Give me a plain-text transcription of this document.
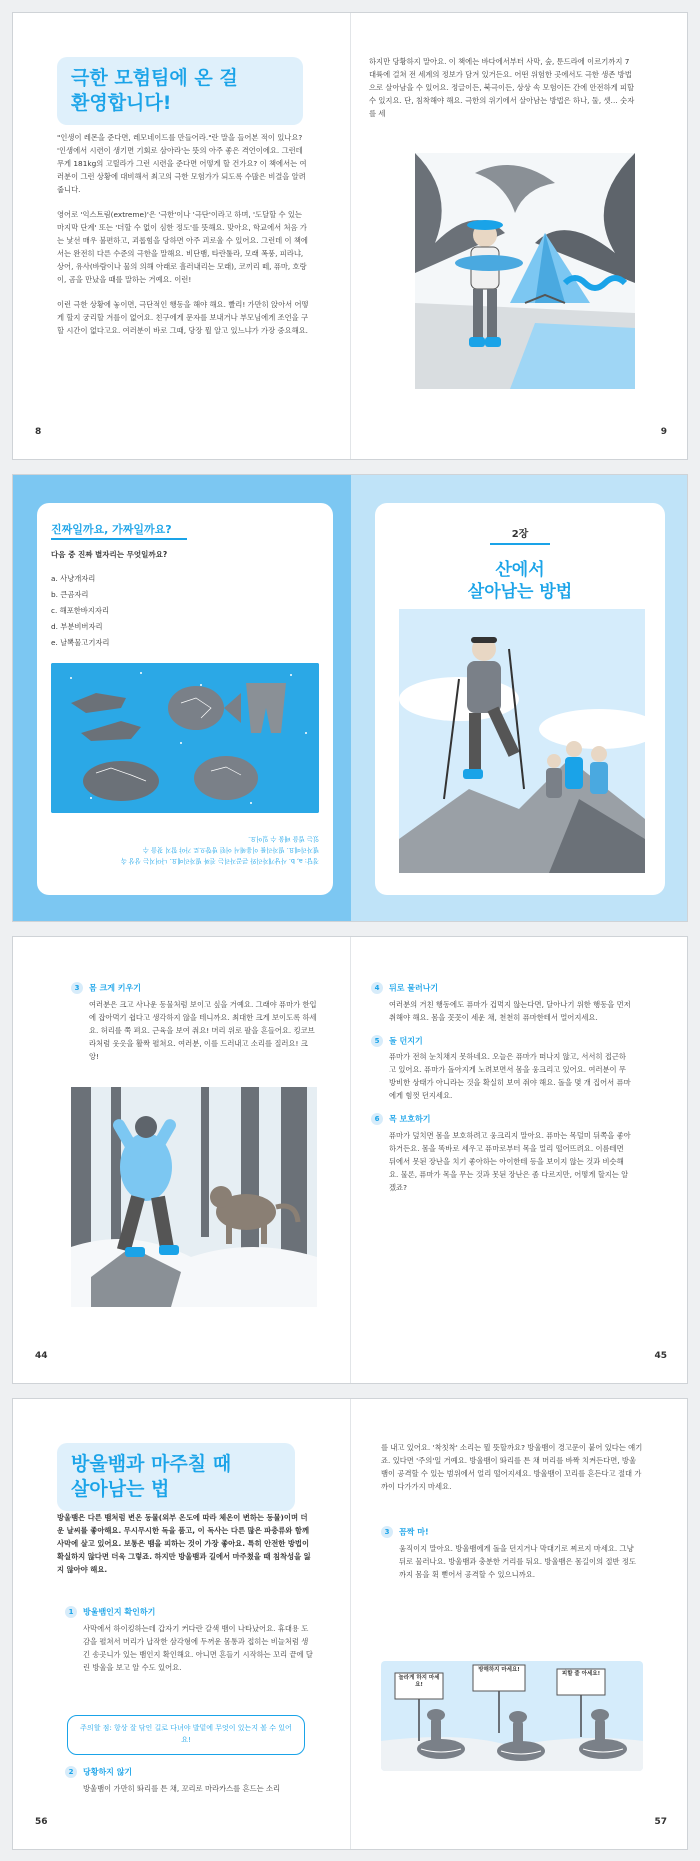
극한 모험팀에 온 걸
환영합니다!

"인생이 레몬을 준다면, 레모네이드를 만들어라."란 말을 들어본 적이 있나요? '인생에서 시련이 생기면 기회로 삼아라'는 뜻의 아주 좋은 격언이에요. 그런데 무게 181kg의 고릴라가 그런 시련을 준다면 어떻게 할 건가요? 이 책에서는 여러분이 그런 상황에 대비해서 최고의 극한 모험가가 되도록 수많은 비결을 알려 줍니다.

영어로 '익스트림(extreme)'은 '극한'이나 '극단'이라고 하며, '도달할 수 있는 마지막 단계' 또는 '더할 수 없이 심한 정도'를 뜻해요. 맞아요, 학교에서 처음 가는 낯선 매우 불편하고, 괴롭힘을 당하면 아주 괴로울 수 있어요. 그런데 이 책에서는 완전히 다른 수준의 극한을 말해요. 비단뱀, 타란툴라, 모래 폭풍, 피라냐, 상어, 유사(바람이나 물의 의해 아래로 흘러내리는 모래), 코끼리 떼, 퓨마, 호랑이, 곰을 만났을 때를 말하는 거예요. 이런!

이런 극한 상황에 놓이면, 극단적인 행동을 해야 해요. 빨리! 가만히 앉아서 어떻게 할지 궁리할 겨를이 없어요. 친구에게 문자를 보내거나 부모님에게 조언을 구할 시간이 없다고요. 여러분이 바로 그때, 당장 뭘 알고 있느냐가 가장 중요해요.

8
하지만 당황하지 말아요. 이 책에는 바다에서부터 사막, 숲, 툰드라에 이르기까지 7대륙에 걸쳐 전 세계의 정보가 담겨 있거든요. 어떤 위험한 곳에서도 극한 생존 방법으로 살아남을 수 있어요. 정글이든, 북극이든, 상상 속 모험이든 간에 안전하게 피할 수 있지요. 단, 침착해야 해요. 극한의 위기에서 살아남는 방법은 하나, 둘, 셋… 숫자를 세
9
진짜일까요, 가짜일까요?
다음 중 진짜 별자리는 무엇일까요?
a. 사냥개자리
b. 큰곰자리
c. 해포한바지자리
d. 부분비버자리
e. 날뽁물고기자리
정답: a, b. 사냥개자리와 큰곰자리는 진짜 별자리예요. 나머지는 상상 속
별자리예요. 별자리를 이용해서 어떤 방향으로 가야 할지 찾을 수
있는 법을 배울 수 있어요.
2장
산에서
살아남는 방법
3 몸 크게 키우기
여러분은 크고 사나운 동물처럼 보이고 싶을 거예요. 그래야 퓨마가 한입에 잡아먹기 쉽다고 생각하지 않을 테니까요. 최대한 크게 보이도록 하세요. 허리를 쭉 펴요. 근육을 보여 줘요! 머리 위로 팔을 흔들어요. 킹코브라처럼 웃옷을 활짝 펼쳐요. 여러분, 이를 드러내고 소리를 질러요! 크앙!
44
4 뒤로 물러나기
여러분의 거친 행동에도 퓨마가 겁먹지 않는다면, 달아나기 위한 행동을 먼저 취해야 해요. 몸을 꼿꼿이 세운 채, 천천히 퓨마한테서 멀어지세요.
5 돌 던지기
퓨마가 전혀 눈치채지 못하네요. 오늘은 퓨마가 떠나지 않고, 서서히 접근하고 있어요. 퓨마가 돌아지게 노려보면서 몸을 웅크리고 있어요. 여러분이 무방비한 상태가 아니라는 것을 확실히 보여 줘야 해요. 돌을 몇 개 집어서 퓨마에게 힘껏 던지세요.
6 목 보호하기
퓨마가 덮치면 몸을 보호하려고 웅크리지 말아요. 퓨마는 목덜미 뒤쪽을 좋아하거든요. 몸을 똑바로 세우고 퓨마로부터 목을 멀리 떨어뜨려요. 이름테면 뒤에서 못된 장난을 치기 좋아하는 아이한테 등을 보이지 않는 것과 비슷해요. 물론, 퓨마가 목을 무는 것과 못된 장난은 좀 다르지만, 어떻게 할지는 알겠죠?
45
방울뱀과 마주칠 때
살아남는 법
방울뱀은 다른 뱀처럼 변온 동물(외부 온도에 따라 체온이 변하는 동물)이며 더운 날씨를 좋아해요. 무시무시한 독을 품고, 이 독사는 다른 많은 파충류와 함께 사막에 살고 있어요. 보통은 뱀을 피하는 것이 가장 좋아요. 특히 안전한 방법이 확실하지 않다면 더욱 그렇죠. 하지만 방울뱀과 길에서 마주쳤을 때 침착성을 잃지 않아야 해요.
1 방울뱀인지 확인하기
사막에서 하이킹하는데 갑자기 커다란 갈색 뱀이 나타났어요. 휴대용 도감을 펼쳐서 머리가 납작한 삼각형에 두꺼운 몸통과 접히는 비늘처럼 생긴 송곳니가 있는 뱀인지 확인해요. 아니면 흔들기 시작하는 꼬리 끝에 달린 방울을 보고 알 수도 있어요.
주의할 점: 항상 잘 닦인 길로 다녀야 발밑에 무엇이 있는지 볼 수 있어요!
2 당황하지 않기
방울뱀이 가만히 똬리를 튼 채, 꼬리로 마라카스를 흔드는 소리
56
를 내고 있어요. '착칫착' 소리는 뭘 뜻할까요? 방울뱀이 경고문이 붙어 있다는 얘기죠. 있다면 '주의'일 거예요. 방울뱀이 똬리를 튼 채 머리를 바짝 치켜든다면, 방울뱀이 공격할 수 있는 범위에서 얼리 떨어지세요. 방울뱀이 꼬리를 흔든다고 절대 가까이 다가가지 마세요.
3 꼼짝 마!
움직이지 말아요. 방울뱀에게 돌을 던지거나 막대기로 찌르지 마세요. 그냥 뒤로 물러나요. 방울뱀과 충분한 거리를 둬요. 방울뱀은 몸길이의 절반 정도까지 몸을 휙 뻗어서 공격할 수 있으니까요.
놀라게 하지 마세요!
방해하지 마세요!
피할 줄 아세요!
57
